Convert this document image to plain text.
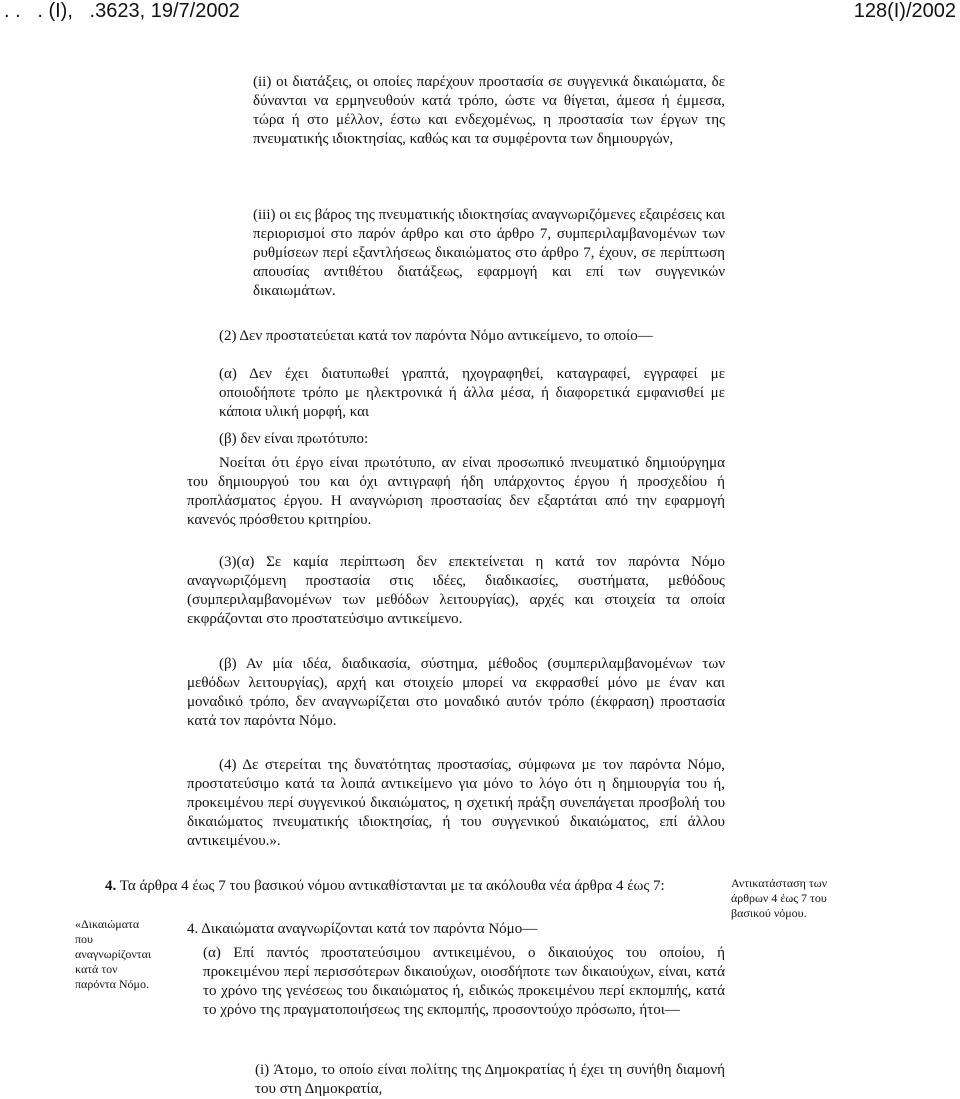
. .   . (I),   .3623, 19/7/2002	128(I)/2002
(ii) οι διατάξεις, οι οποίες παρέχουν προστασία σε συγγενικά δικαιώματα, δε δύνανται να ερμηνευθούν κατά τρόπο, ώστε να θίγεται, άμεσα ή έμμεσα, τώρα ή στο μέλλον, έστω και ενδεχομένως, η προστασία των έργων της πνευματικής ιδιοκτησίας, καθώς και τα συμφέροντα των δημιουργών,
(iii) οι εις βάρος της πνευματικής ιδιοκτησίας αναγνωριζόμενες εξαιρέσεις και περιορισμοί στο παρόν άρθρο και στο άρθρο 7, συμπεριλαμβανομένων των ρυθμίσεων περί εξαντλήσεως δικαιώματος στο άρθρο 7, έχουν, σε περίπτωση απουσίας αντιθέτου διατάξεως, εφαρμογή και επί των συγγενικών δικαιωμάτων.
(2) Δεν προστατεύεται κατά τον παρόντα Νόμο αντικείμενο, το οποίο—
(α) Δεν έχει διατυπωθεί γραπτά, ηχογραφηθεί, καταγραφεί, εγγραφεί με οποιοδήποτε τρόπο με ηλεκτρονικά ή άλλα μέσα, ή διαφορετικά εμφανισθεί με κάποια υλική μορφή, και
(β) δεν είναι πρωτότυπο:
Νοείται ότι έργο είναι πρωτότυπο, αν είναι προσωπικό πνευματικό δημιούργημα του δημιουργού του και όχι αντιγραφή ήδη υπάρχοντος έργου ή προσχεδίου ή προπλάσματος έργου. Η αναγνώριση προστασίας δεν εξαρτάται από την εφαρμογή κανενός πρόσθετου κριτηρίου.
(3)(α) Σε καμία περίπτωση δεν επεκτείνεται η κατά τον παρόντα Νόμο αναγνωριζόμενη προστασία στις ιδέες, διαδικασίες, συστήματα, μεθόδους (συμπεριλαμβανομένων των μεθόδων λειτουργίας), αρχές και στοιχεία τα οποία εκφράζονται στο προστατεύσιμο αντικείμενο.
(β) Αν μία ιδέα, διαδικασία, σύστημα, μέθοδος (συμπεριλαμβανομένων των μεθόδων λειτουργίας), αρχή και στοιχείο μπορεί να εκφρασθεί μόνο με έναν και μοναδικό τρόπο, δεν αναγνωρίζεται στο μοναδικό αυτόν τρόπο (έκφραση) προστασία κατά τον παρόντα Νόμο.
(4) Δε στερείται της δυνατότητας προστασίας, σύμφωνα με τον παρόντα Νόμο, προστατεύσιμο κατά τα λοιπά αντικείμενο για μόνο το λόγο ότι η δημιουργία του ή, προκειμένου περί συγγενικού δικαιώματος, η σχετική πράξη συνεπάγεται προσβολή του δικαιώματος πνευματικής ιδιοκτησίας, ή του συγγενικού δικαιώματος, επί άλλου αντικειμένου.».
4. Τα άρθρα 4 έως 7 του βασικού νόμου αντικαθίστανται με τα ακόλουθα νέα άρθρα 4 έως 7:	Αντικατάσταση των άρθρων 4 έως 7 του βασικού νόμου.
«Δικαιώματα που αναγνωρίζονται κατά τον παρόντα Νόμο.
4. Δικαιώματα αναγνωρίζονται κατά τον παρόντα Νόμο—
(α) Επί παντός προστατεύσιμου αντικειμένου, ο δικαιούχος του οποίου, ή προκειμένου περί περισσότερων δικαιούχων, οιοσδήποτε των δικαιούχων, είναι, κατά το χρόνο της γενέσεως του δικαιώματος ή, ειδικώς προκειμένου περί εκπομπής, κατά το χρόνο της πραγματοποιήσεως της εκπομπής, προσοντούχο πρόσωπο, ήτοι—
(i) Άτομο, το οποίο είναι πολίτης της Δημοκρατίας ή έχει τη συνήθη διαμονή του στη Δημοκρατία,
